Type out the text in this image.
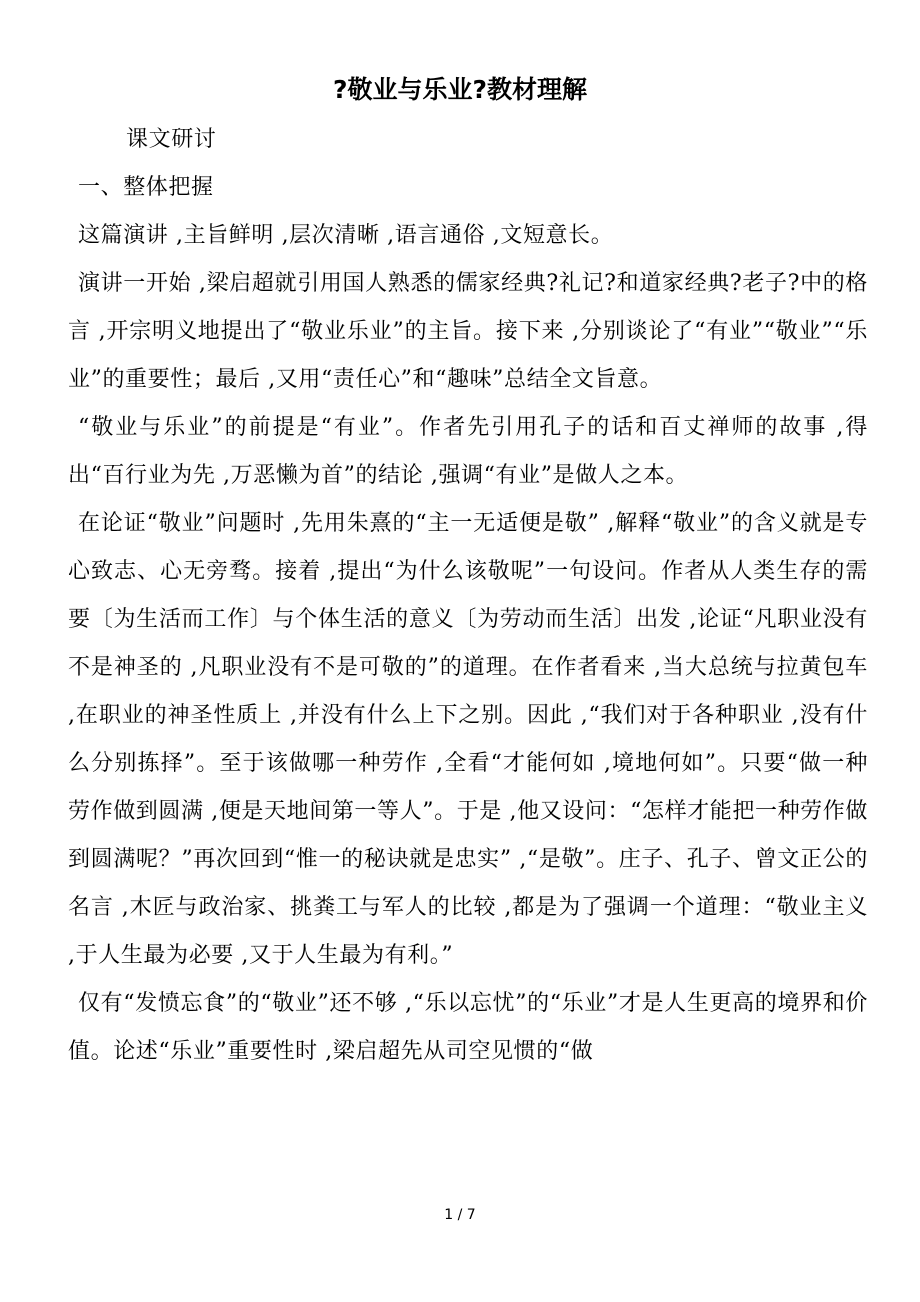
?敬业与乐业?教材理解

课文研讨

一、整体把握

这篇演讲 ,主旨鲜明 ,层次清晰 ,语言通俗 ,文短意长。

演讲一开始 ,梁启超就引用国人熟悉的儒家经典?礼记?和道家经典?老子?中的格言 ,开宗明义地提出了“敬业乐业”的主旨。接下来 ,分别谈论了“有业”“敬业”“乐业”的重要性；最后 ,又用“责任心”和“趣味”总结全文旨意。

“敬业与乐业”的前提是“有业”。作者先引用孔子的话和百丈禅师的故事 ,得出“百行业为先 ,万恶懒为首”的结论 ,强调“有业”是做人之本。

在论证“敬业”问题时 ,先用朱熹的“主一无适便是敬” ,解释“敬业”的含义就是专心致志、心无旁骛。接着 ,提出“为什么该敬呢”一句设问。作者从人类生存的需要〔为生活而工作〕与个体生活的意义〔为劳动而生活〕出发 ,论证“凡职业没有不是神圣的 ,凡职业没有不是可敬的”的道理。在作者看来 ,当大总统与拉黄包车 ,在职业的神圣性质上 ,并没有什么上下之别。因此 ,“我们对于各种职业 ,没有什么分别拣择”。至于该做哪一种劳作 ,全看“才能何如 ,境地何如”。只要“做一种劳作做到圆满 ,便是天地间第一等人”。于是 ,他又设问：“怎样才能把一种劳作做到圆满呢？”再次回到“惟一的秘诀就是忠实” ,“是敬”。庄子、孔子、曾文正公的名言 ,木匠与政治家、挑粪工与军人的比较 ,都是为了强调一个道理：“敬业主义 ,于人生最为必要 ,又于人生最为有利。”

仅有“发愤忘食”的“敬业”还不够 ,“乐以忘忧”的“乐业”才是人生更高的境界和价值。论述“乐业”重要性时 ,梁启超先从司空见惯的“做

1 / 7
